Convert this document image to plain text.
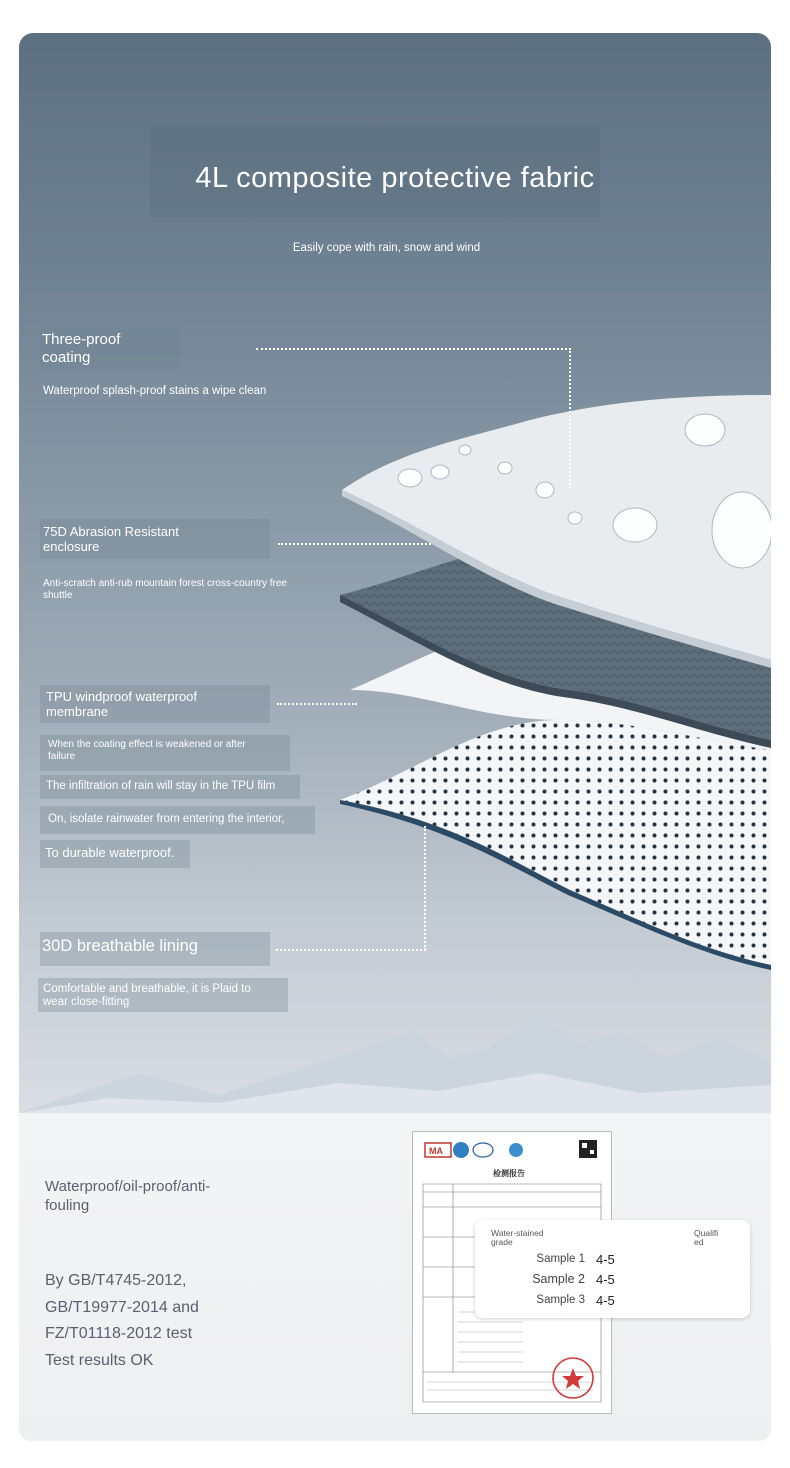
4L composite protective fabric
Easily cope with rain, snow and wind
Three-proof
coating
Waterproof splash-proof stains a wipe clean
75D Abrasion Resistant
enclosure
Anti-scratch anti-rub mountain forest cross-country free
shuttle
TPU windproof waterproof
membrane
When the coating effect is weakened or after
failure
The infiltration of rain will stay in the TPU film
On, isolate rainwater from entering the interior,
To durable waterproof.
30D breathable lining
Comfortable and breathable, it is Plaid to
wear close-fitting
Waterproof/oil-proof/anti-
fouling
By GB/T4745-2012,
GB/T19977-2014 and
FZ/T01118-2012 test
Test results OK
MA
检测报告
Water-stained
grade
Qualifi
ed
Sample 1 4-5
Sample 2 4-5
Sample 3 4-5
